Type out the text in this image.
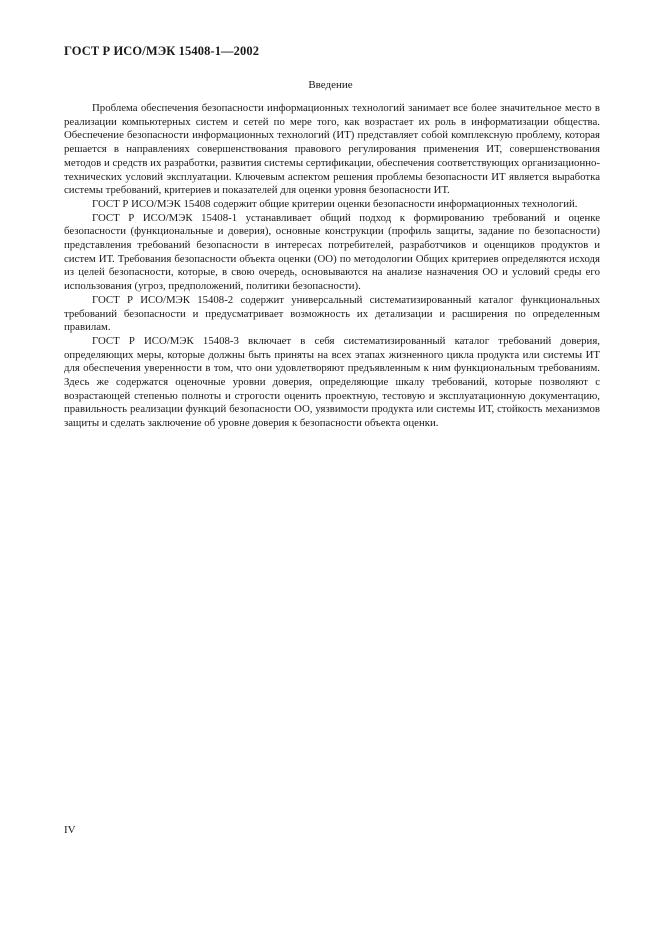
ГОСТ Р ИСО/МЭК 15408-1—2002
Введение

Проблема обеспечения безопасности информационных технологий занимает все более значительное место в реализации компьютерных систем и сетей по мере того, как возрастает их роль в информатизации общества. Обеспечение безопасности информационных технологий (ИТ) представляет собой комплексную проблему, которая решается в направлениях совершенствования правового регулирования применения ИТ, совершенствования методов и средств их разработки, развития системы сертификации, обеспечения соответствующих организационно-технических условий эксплуатации. Ключевым аспектом решения проблемы безопасности ИТ является выработка системы требований, критериев и показателей для оценки уровня безопасности ИТ.

ГОСТ Р ИСО/МЭК 15408 содержит общие критерии оценки безопасности информационных технологий.

ГОСТ Р ИСО/МЭК 15408-1 устанавливает общий подход к формированию требований и оценке безопасности (функциональные и доверия), основные конструкции (профиль защиты, задание по безопасности) представления требований безопасности в интересах потребителей, разработчиков и оценщиков продуктов и систем ИТ. Требования безопасности объекта оценки (ОО) по методологии Общих критериев определяются исходя из целей безопасности, которые, в свою очередь, основываются на анализе назначения ОО и условий среды его использования (угроз, предположений, политики безопасности).

ГОСТ Р ИСО/МЭК 15408-2 содержит универсальный систематизированный каталог функциональных требований безопасности и предусматривает возможность их детализации и расширения по определенным правилам.

ГОСТ Р ИСО/МЭК 15408-3 включает в себя систематизированный каталог требований доверия, определяющих меры, которые должны быть приняты на всех этапах жизненного цикла продукта или системы ИТ для обеспечения уверенности в том, что они удовлетворяют предъявленным к ним функциональным требованиям. Здесь же содержатся оценочные уровни доверия, определяющие шкалу требований, которые позволяют с возрастающей степенью полноты и строгости оценить проектную, тестовую и эксплуатационную документацию, правильность реализации функций безопасности ОО, уязвимости продукта или системы ИТ, стойкость механизмов защиты и сделать заключение об уровне доверия к безопасности объекта оценки.

IV
